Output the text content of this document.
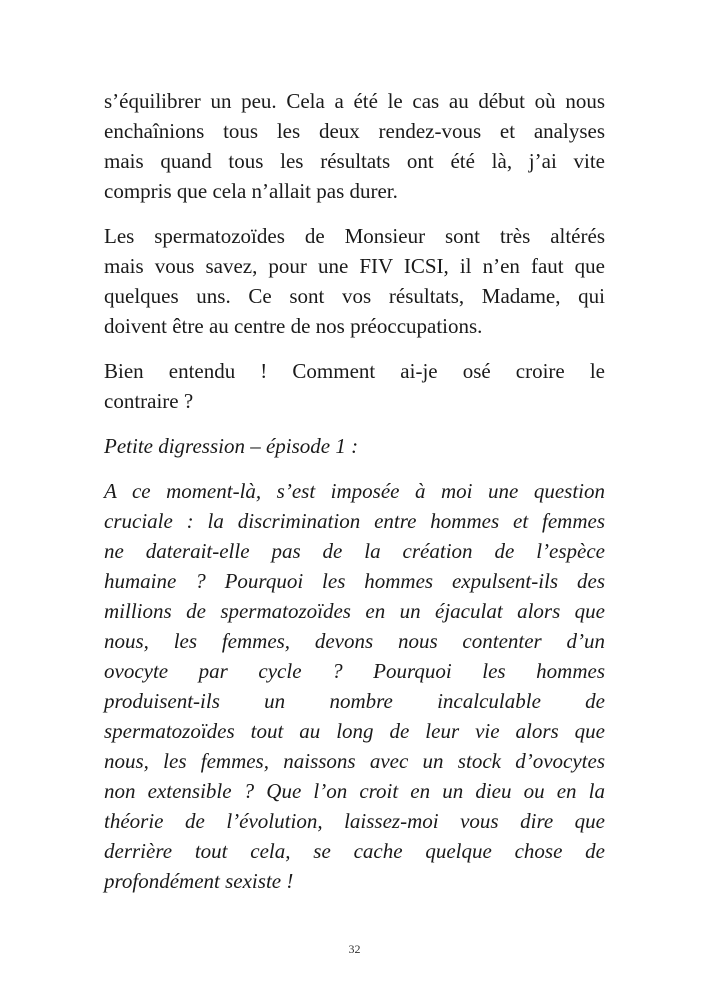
s’équilibrer un peu. Cela a été le cas au début où nous
enchaînions tous les deux rendez-vous et analyses
mais quand tous les résultats ont été là, j’ai vite
compris que cela n’allait pas durer.
Les spermatozoïdes de Monsieur sont très altérés
mais vous savez, pour une FIV ICSI, il n’en faut que
quelques uns. Ce sont vos résultats, Madame, qui
doivent être au centre de nos préoccupations.
Bien entendu ! Comment ai-je osé croire le
contraire ?
Petite digression – épisode 1 :
A ce moment-là, s’est imposée à moi une question
cruciale : la discrimination entre hommes et femmes
ne daterait-elle pas de la création de l’espèce
humaine ? Pourquoi les hommes expulsent-ils des
millions de spermatozoïdes en un éjaculat alors que
nous, les femmes, devons nous contenter d’un
ovocyte par cycle ? Pourquoi les hommes
produisent-ils un nombre incalculable de
spermatozoïdes tout au long de leur vie alors que
nous, les femmes, naissons avec un stock d’ovocytes
non extensible ? Que l’on croit en un dieu ou en la
théorie de l’évolution, laissez-moi vous dire que
derrière tout cela, se cache quelque chose de
profondément sexiste !
32
